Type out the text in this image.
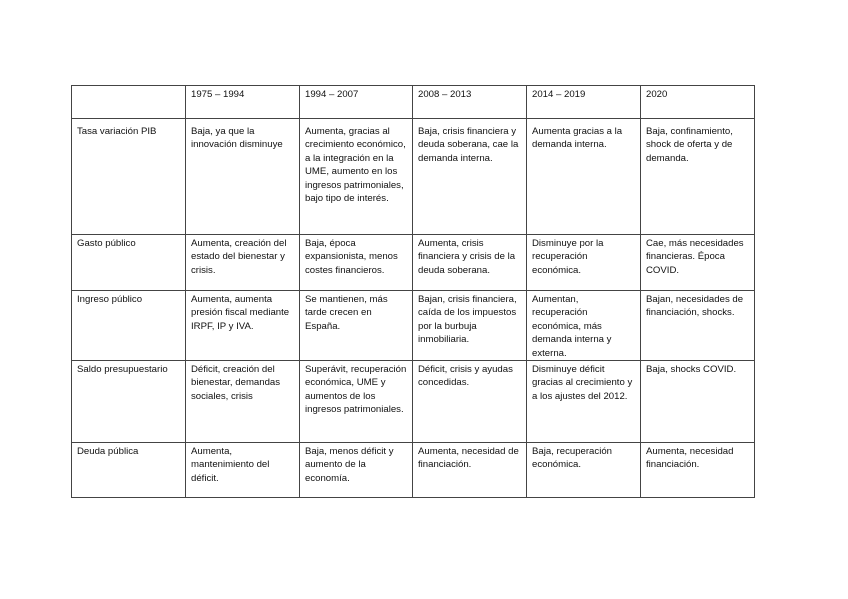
	1975 – 1994	1994 – 2007	2008 – 2013	2014 – 2019	2020
Tasa variación PIB	Baja, ya que la innovación disminuye	Aumenta, gracias al crecimiento económico, a la integración en la UME, aumento en los ingresos patrimoniales, bajo tipo de interés.	Baja, crisis financiera y deuda soberana, cae la demanda interna.	Aumenta gracias a la demanda interna.	Baja, confinamiento, shock de oferta y de demanda.
Gasto público	Aumenta, creación del estado del bienestar y crisis.	Baja, época expansionista, menos costes financieros.	Aumenta, crisis financiera y crisis de la deuda soberana.	Disminuye por la recuperación económica.	Cae, más necesidades financieras. Época COVID.
Ingreso público	Aumenta, aumenta presión fiscal mediante IRPF, IP y IVA.	Se mantienen, más tarde crecen en España.	Bajan, crisis financiera, caída de los impuestos por la burbuja inmobiliaria.	Aumentan, recuperación económica, más demanda interna y externa.	Bajan, necesidades de financiación, shocks.
Saldo presupuestario	Déficit, creación del bienestar, demandas sociales, crisis	Superávit, recuperación económica, UME y aumentos de los ingresos patrimoniales.	Déficit, crisis y ayudas concedidas.	Disminuye déficit gracias al crecimiento y a los ajustes del 2012.	Baja, shocks COVID.
Deuda pública	Aumenta, mantenimiento del déficit.	Baja, menos déficit y aumento de la economía.	Aumenta, necesidad de financiación.	Baja, recuperación económica.	Aumenta, necesidad financiación.
